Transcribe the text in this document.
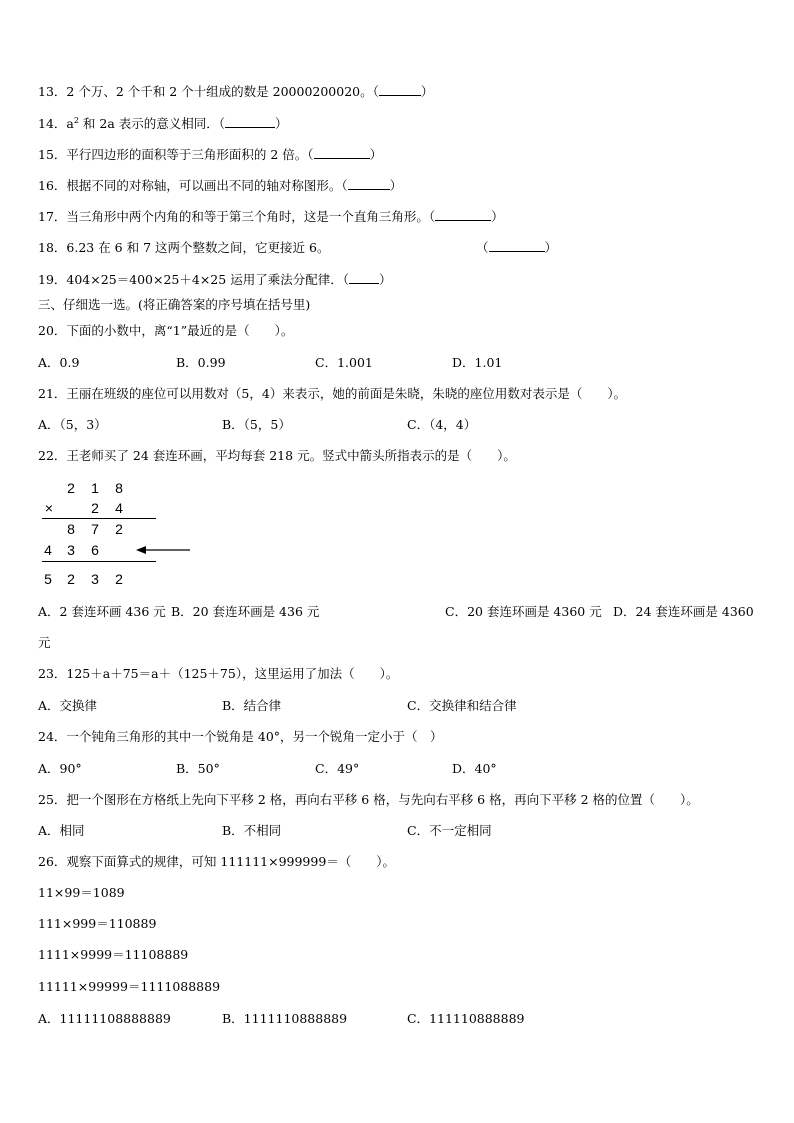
13．2 个万、2 个千和 2 个十组成的数是 20000200020。（	）
14．$a^2$ 和 2a 表示的意义相同．（	）
15．平行四边形的面积等于三角形面积的 2 倍。（	）
16．根据不同的对称轴，可以画出不同的轴对称图形。（	）
17．当三角形中两个内角的和等于第三个角时，这是一个直角三角形。（	）
18．6.23 在 6 和 7 这两个整数之间，它更接近 6。	（	）
19．404×25＝400×25＋4×25 运用了乘法分配律．（ ）
三、仔细选一选。(将正确答案的序号填在括号里)
20．下面的小数中，离“1”最近的是（　　）。
A．0.9	B．0.99	C．1.001	D．1.01
21．王丽在班级的座位可以用数对（5，4）来表示，她的前面是朱晓，朱晓的座位用数对表示是（　　）。
A．（5，3）	B．（5，5）	C．（4，4）
22．王老师买了 24 套连环画，平均每套 218 元。竖式中箭头所指表示的是（　　）。
2 1 8
×	2 4
8 7 2
4 3 6
5 2 3 2
A．2 套连环画 436 元 B．20 套连环画是 436 元	C．20 套连环画是 4360 元 D．24 套连环画是 4360
元
23．125＋a＋75＝a＋（125＋75），这里运用了加法（　　）。
A．交换律	B．结合律	C．交换律和结合律
24．一个钝角三角形的其中一个锐角是 40°，另一个锐角一定小于（　）
A．90°	B．50°	C．49°	D．40°
25．把一个图形在方格纸上先向下平移 2 格，再向右平移 6 格，与先向右平移 6 格，再向下平移 2 格的位置（　　）。
A．相同	B．不相同	C．不一定相同
26．观察下面算式的规律，可知 111111×999999＝（　　）。
11×99＝1089
111×999＝110889
1111×9999＝11108889
11111×99999＝1111088889
A．11111108888889	B．1111110888889	C．111110888889
